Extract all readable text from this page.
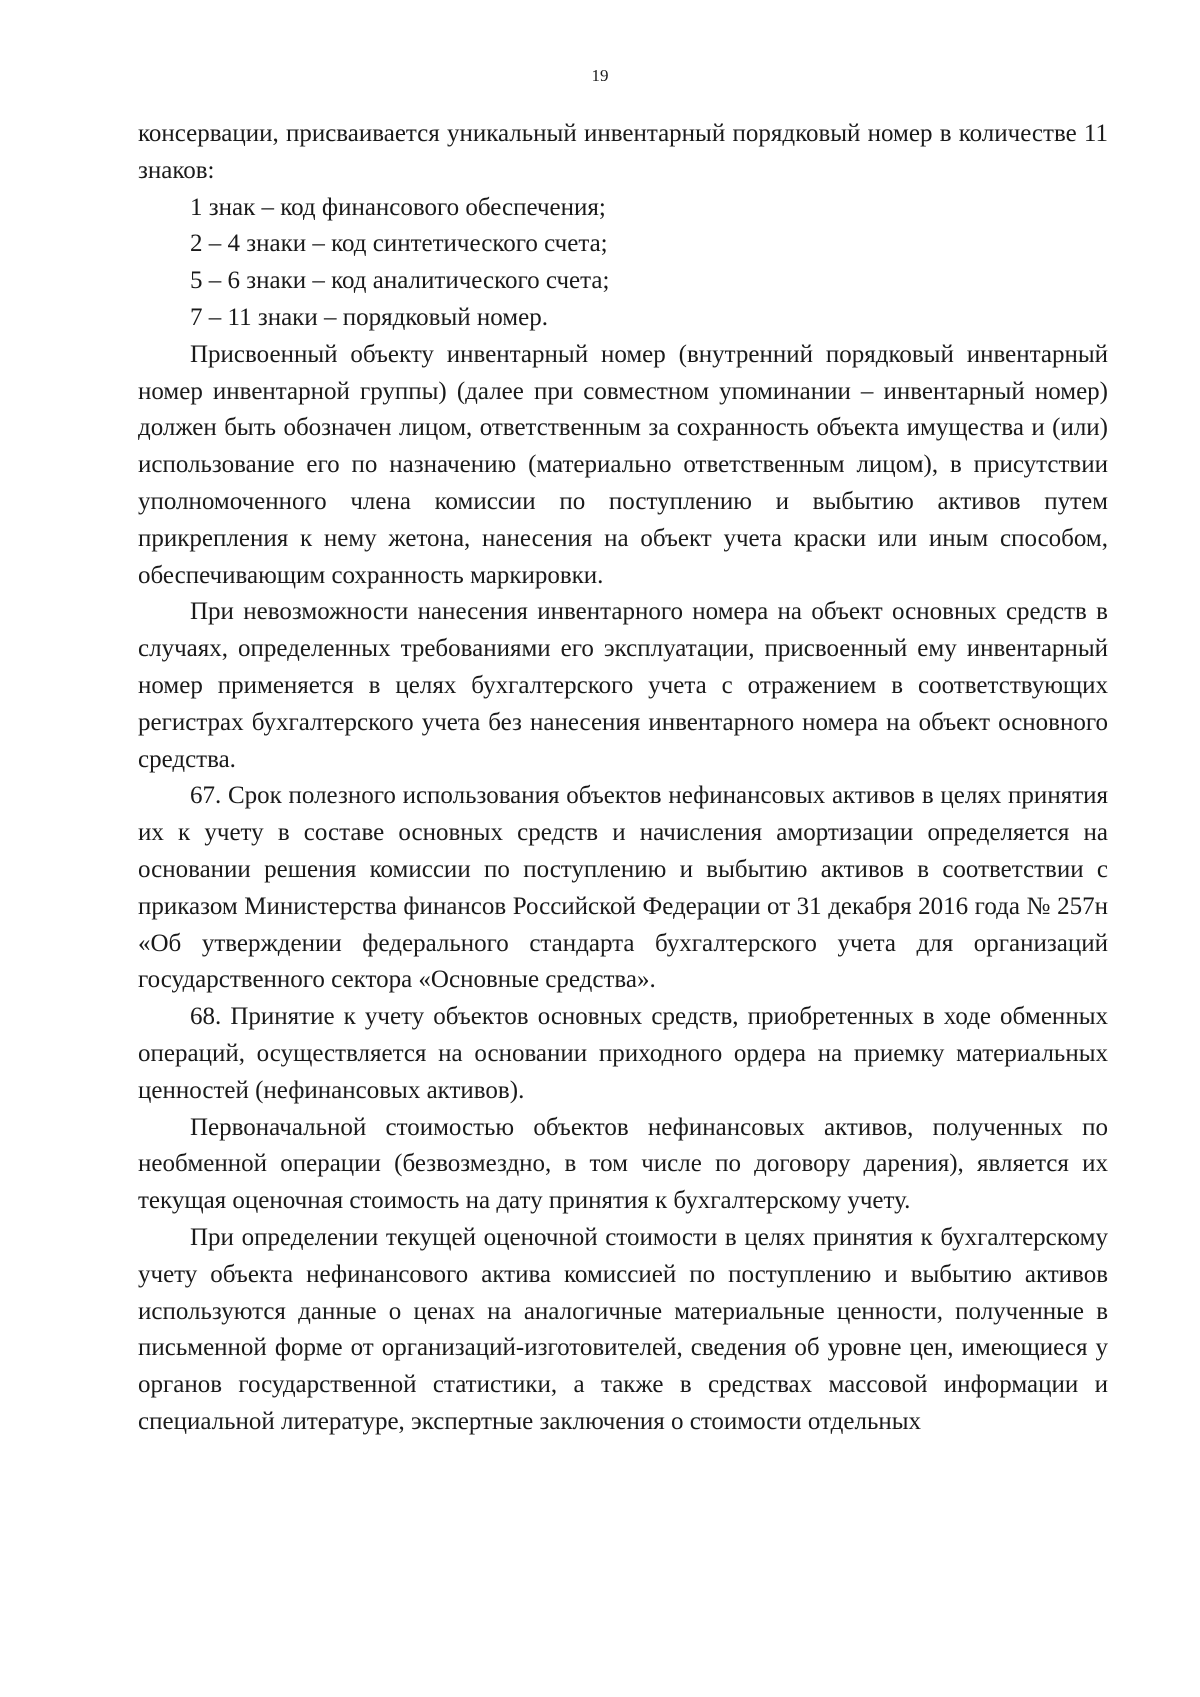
19

консервации, присваивается уникальный инвентарный порядковый номер в количестве 11 знаков:

1 знак – код финансового обеспечения;

2 – 4 знаки – код синтетического счета;

5 – 6 знаки – код аналитического счета;

7 – 11 знаки – порядковый номер.

Присвоенный объекту инвентарный номер (внутренний порядковый инвентарный номер инвентарной группы) (далее при совместном упоминании – инвентарный номер) должен быть обозначен лицом, ответственным за сохранность объекта имущества и (или) использование его по назначению (материально ответственным лицом), в присутствии уполномоченного члена комиссии по поступлению и выбытию активов путем прикрепления к нему жетона, нанесения на объект учета краски или иным способом, обеспечивающим сохранность маркировки.

При невозможности нанесения инвентарного номера на объект основных средств в случаях, определенных требованиями его эксплуатации, присвоенный ему инвентарный номер применяется в целях бухгалтерского учета с отражением в соответствующих регистрах бухгалтерского учета без нанесения инвентарного номера на объект основного средства.

67. Срок полезного использования объектов нефинансовых активов в целях принятия их к учету в составе основных средств и начисления амортизации определяется на основании решения комиссии по поступлению и выбытию активов в соответствии с приказом Министерства финансов Российской Федерации от 31 декабря 2016 года № 257н «Об утверждении федерального стандарта бухгалтерского учета для организаций государственного сектора «Основные средства».

68. Принятие к учету объектов основных средств, приобретенных в ходе обменных операций, осуществляется на основании приходного ордера на приемку материальных ценностей (нефинансовых активов).

Первоначальной стоимостью объектов нефинансовых активов, полученных по необменной операции (безвозмездно, в том числе по договору дарения), является их текущая оценочная стоимость на дату принятия к бухгалтерскому учету.

При определении текущей оценочной стоимости в целях принятия к бухгалтерскому учету объекта нефинансового актива комиссией по поступлению и выбытию активов используются данные о ценах на аналогичные материальные ценности, полученные в письменной форме от организаций-изготовителей, сведения об уровне цен, имеющиеся у органов государственной статистики, а также в средствах массовой информации и специальной литературе, экспертные заключения о стоимости отдельных
